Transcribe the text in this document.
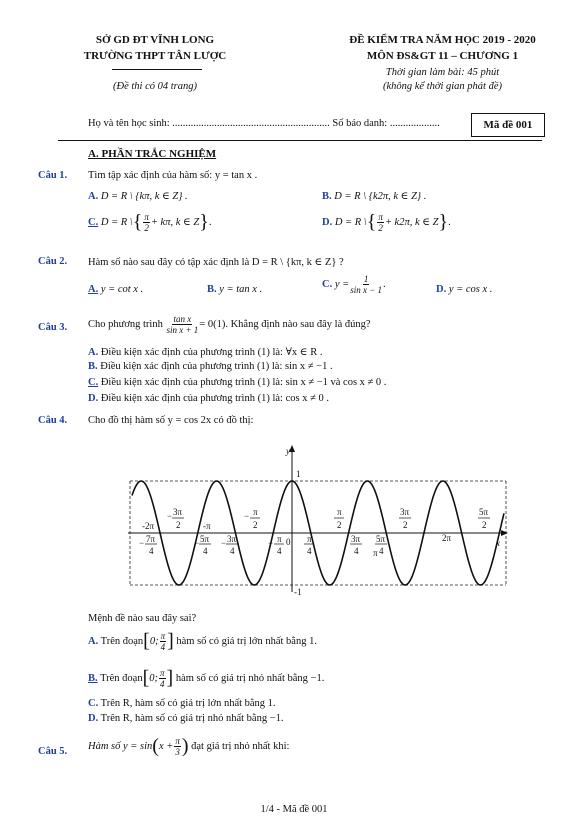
SỞ GD ĐT VĨNH LONG
TRƯỜNG THPT TÂN LƯỢC
(Đề thi có 04 trang)
ĐỀ KIỂM TRA NĂM HỌC 2019 - 2020
MÔN ĐS&GT 11 – CHƯƠNG 1
Thời gian làm bài: 45 phút
(không kể thời gian phát đề)
Họ và tên học sinh: ............................................................ Số báo danh: ...................	Mã đề 001
A. PHẦN TRẮC NGHIỆM
Câu 1. Tìm tập xác định của hàm số: y = tan x .
A. D = R \ {kπ, k ∈ Z} .	B. D = R \ {k2π, k ∈ Z} .
C. D = R \{ $\frac{\pi}{2} + k\pi$, k ∈ Z}.	D. D = R \{ $\frac{\pi}{2} + k2\pi$, k ∈ Z}.
Câu 2. Hàm số nào sau đây có tập xác định là D = R \ {kπ, k ∈ Z} ?
A. y = cot x .	B. y = tan x .	C. $y = \frac{1}{\text{sin x − 1}}$ .	D. y = cos x .
Câu 3. Cho phương trình $\frac{\text{tan x}}{\text{sin x + 1}} = 0(1)$. Khẳng định nào sau đây là đúng?
A. Điều kiện xác định của phương trình (1) là: ∀x ∈ R .
B. Điều kiện xác định của phương trình (1) là: sin x ≠ −1 .
C. Điều kiện xác định của phương trình (1) là: sin x ≠ −1 và cos x ≠ 0 .
D. Điều kiện xác định của phương trình (1) là: cos x ≠ 0 .
Câu 4. Cho đồ thị hàm số y = cos 2x có đồ thị:
y
x
1
-1
0
-2π	-π
2π
− 3π
2
− π
2
π
2
3π
2
5π
2
− 7π
4
− 5π
4
− 3π
4
− π
4
π
4
3π
4
5π
4
π
Mệnh đề nào sau đây sai?
A. Trên đoạn[0; $\frac{\pi}{4}$ ] hàm số có giá trị lớn nhất bằng 1.
B. Trên đoạn[0; $\frac{\pi}{4}$ ] hàm số có giá trị nhỏ nhất bằng −1.
C. Trên R, hàm số có giá trị lớn nhất bằng 1.
D. Trên R, hàm số có giá trị nhỏ nhất bằng −1.
Câu 5. Hàm số $y = \sin(x + \frac{\pi}{3}$ ) đạt giá trị nhỏ nhất khi:
1/4 - Mã đề 001
